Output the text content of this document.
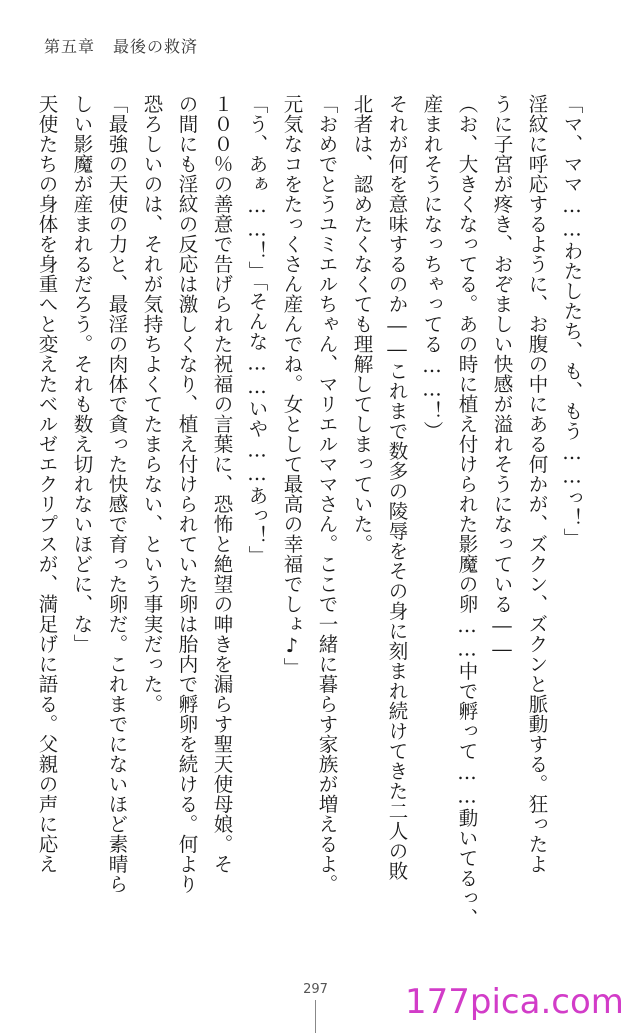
第五章 最後の救済
「マ、ママ……わたしたち、も、もう……っ！」
淫紋に呼応するように、お腹の中にある何かが、ズクン、ズクンと脈動する。狂ったよ
うに子宮が疼き、おぞましい快感が溢れそうになっている――
（お、大きくなってる。あの時に植え付けられた影魔の卵……中で孵って……動いてるっ、
産まれそうになっちゃってる……！）
それが何を意味するのか――これまで数多の陵辱をその身に刻まれ続けてきた二人の敗
北者は、認めたくなくても理解してしまっていた。
「おめでとうユミエルちゃん、マリエルママさん。ここで一緒に暮らす家族が増えるよ。
元気なコをたっくさん産んでね。女として最高の幸福でしょ♪」
「う、あぁ……！」「そんな……いや……あっ！」
１００％の善意で告げられた祝福の言葉に、恐怖と絶望の呻きを漏らす聖天使母娘。そ
の間にも淫紋の反応は激しくなり、植え付けられていた卵は胎内で孵卵を続ける。何より
恐ろしいのは、それが気持ちよくてたまらない、という事実だった。
「最強の天使の力と、最淫の肉体で貪った快感で育った卵だ。これまでにないほど素晴ら
しい影魔が産まれるだろう。それも数え切れないほどに、な」
天使たちの身体を身重へと変えたベルゼエクリプスが、満足げに語る。父親の声に応え
297	177pica.com
